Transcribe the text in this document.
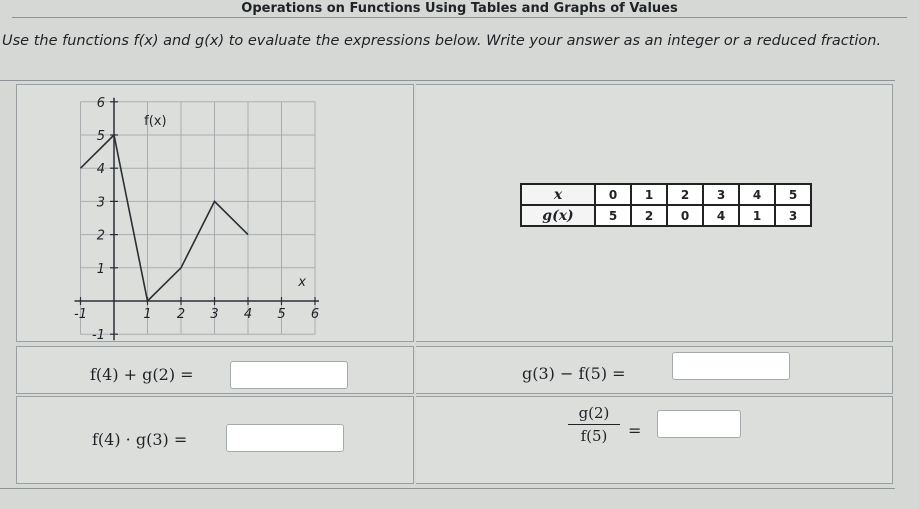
Operations on Functions Using Tables and Graphs of Values
Use the functions f(x) and g(x) to evaluate the expressions below. Write your answer as an integer or a reduced fraction.
-1	1 2 3 4 5 6
-1
1
2
3
4
5
6
f(x)
x
x	0	1	2	3	4	5
g(x)	5	2	0	4	1	3
f(4) + g(2) =	g(3) − f(5) =
f(4) · g(3) =	$\frac{g(2)}{f(5)}$ =
